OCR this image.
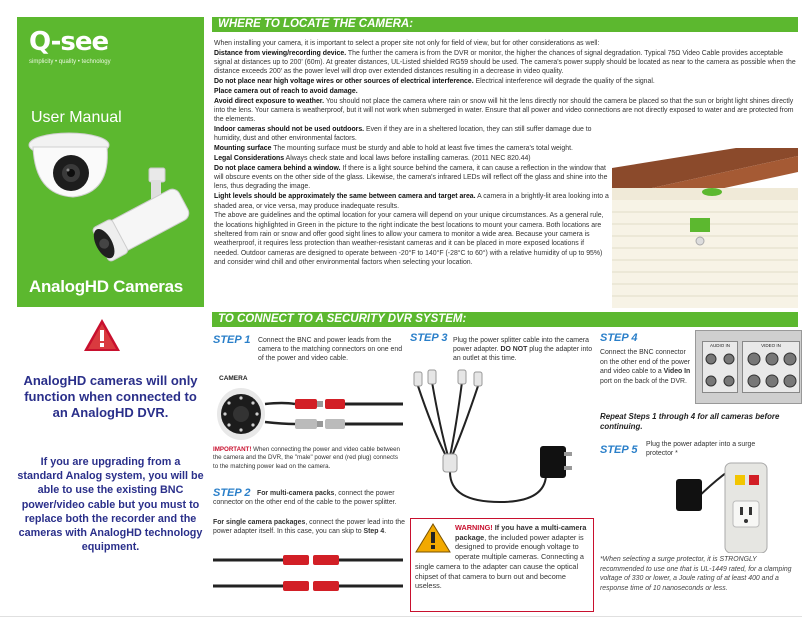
Q-see
simplicity • quality • technology
User Manual
AnalogHD Cameras
WHERE TO LOCATE THE CAMERA:

When installing your camera, it is important to select a proper site not only for field of view, but for other considerations as well:

Distance from viewing/recording device. The further the camera is from the DVR or monitor, the higher the chances of signal degradation. Typical 75Ω Video Cable provides acceptable signal at distances up to 200' (60m). At greater distances, UL-Listed shielded RG59 should be used. The camera's power supply should be located as near to the camera as possible when the distance exceeds 200' as the power level will drop over extended distances resulting in a decrease in video quality.

Do not place near high voltage wires or other sources of electrical interference. Electrical interference will degrade the quality of the signal.

Place camera out of reach to avoid damage.

Avoid direct exposure to weather. You should not place the camera where rain or snow will hit the lens directly nor should the camera be placed so that the sun or bright light shines directly into the lens. Your camera is weatherproof, but it will not work when submerged in water. Ensure that all power and video connections are not directly exposed to water and are protected from the elements.

Indoor cameras should not be used outdoors. Even if they are in a sheltered location, they can still suffer damage due to humidity, dust and other environmental factors.

Mounting surface The mounting surface must be sturdy and able to hold at least five times the camera's total weight.

Legal Considerations Always check state and local laws before installing cameras. (2011 NEC 820.44)

Do not place camera behind a window. If there is a light source behind the camera, it can cause a reflection in the window that will obscure events on the other side of the glass. Likewise, the camera's infrared LEDs will reflect off the glass and shine into the lens, thus degrading the image.

Light levels should be approximately the same between camera and target area. A camera in a brightly-lit area looking into a shaded area, or vice versa, may produce inadequate results.

The above are guidelines and the optimal location for your camera will depend on your unique circumstances. As a general rule, the locations highlighted in Green in the picture to the right indicate the best locations to mount your camera. Both locations are sheltered from rain or snow and offer good sight lines to allow your camera to monitor a wide area. Because your camera is weatherproof, it requires less protection than weather-resistant cameras and it can be placed in more exposed locations if needed. Outdoor cameras are designed to operate between -20°F to 140°F (-28°C to 60°) with a relative humidity of up to 95%) and consider wind chill and other environmental factors when selecting your location.

AnalogHD cameras will only function when connected to an AnalogHD DVR.
If you are upgrading from a standard Analog system, you will be able to use the existing BNC power/video cable but you must to replace both the recorder and the cameras with AnalogHD technology equipment.
TO CONNECT TO A SECURITY DVR SYSTEM:
STEP 1 Connect the BNC and power leads from the camera to the matching connectors on one end of the power and video cable.
CAMERA
IMPORTANT! When connecting the power and video cable between the camera and the DVR, the "male" power end (red plug) connects to the matching power lead on the camera.
STEP 2 For multi-camera packs, connect the power connector on the other end of the cable to the power splitter.
For single camera packages, connect the power lead into the power adapter itself. In this case, you can skip to Step 4.
STEP 3 Plug the power splitter cable into the camera power adapter. DO NOT plug the adapter into an outlet at this time.
WARNING! If you have a multi-camera package, the included power adapter is designed to provide enough voltage to operate multiple cameras. Connecting a single camera to the adapter can cause the optical chipset of that camera to burn out and become useless.
STEP 4
Connect the BNC connector on the other end of the power and video cable to a Video In port on the back of the DVR.
AUDIO IN	VIDEO IN
Repeat Steps 1 through 4 for all cameras before continuing.
STEP 5 Plug the power adapter into a surge protector *
*When selecting a surge protector, it is STRONGLY recommended to use one that is UL-1449 rated, for a clamping voltage of 330 or lower, a Joule rating of at least 400 and a response time of 10 nanoseconds or less.
